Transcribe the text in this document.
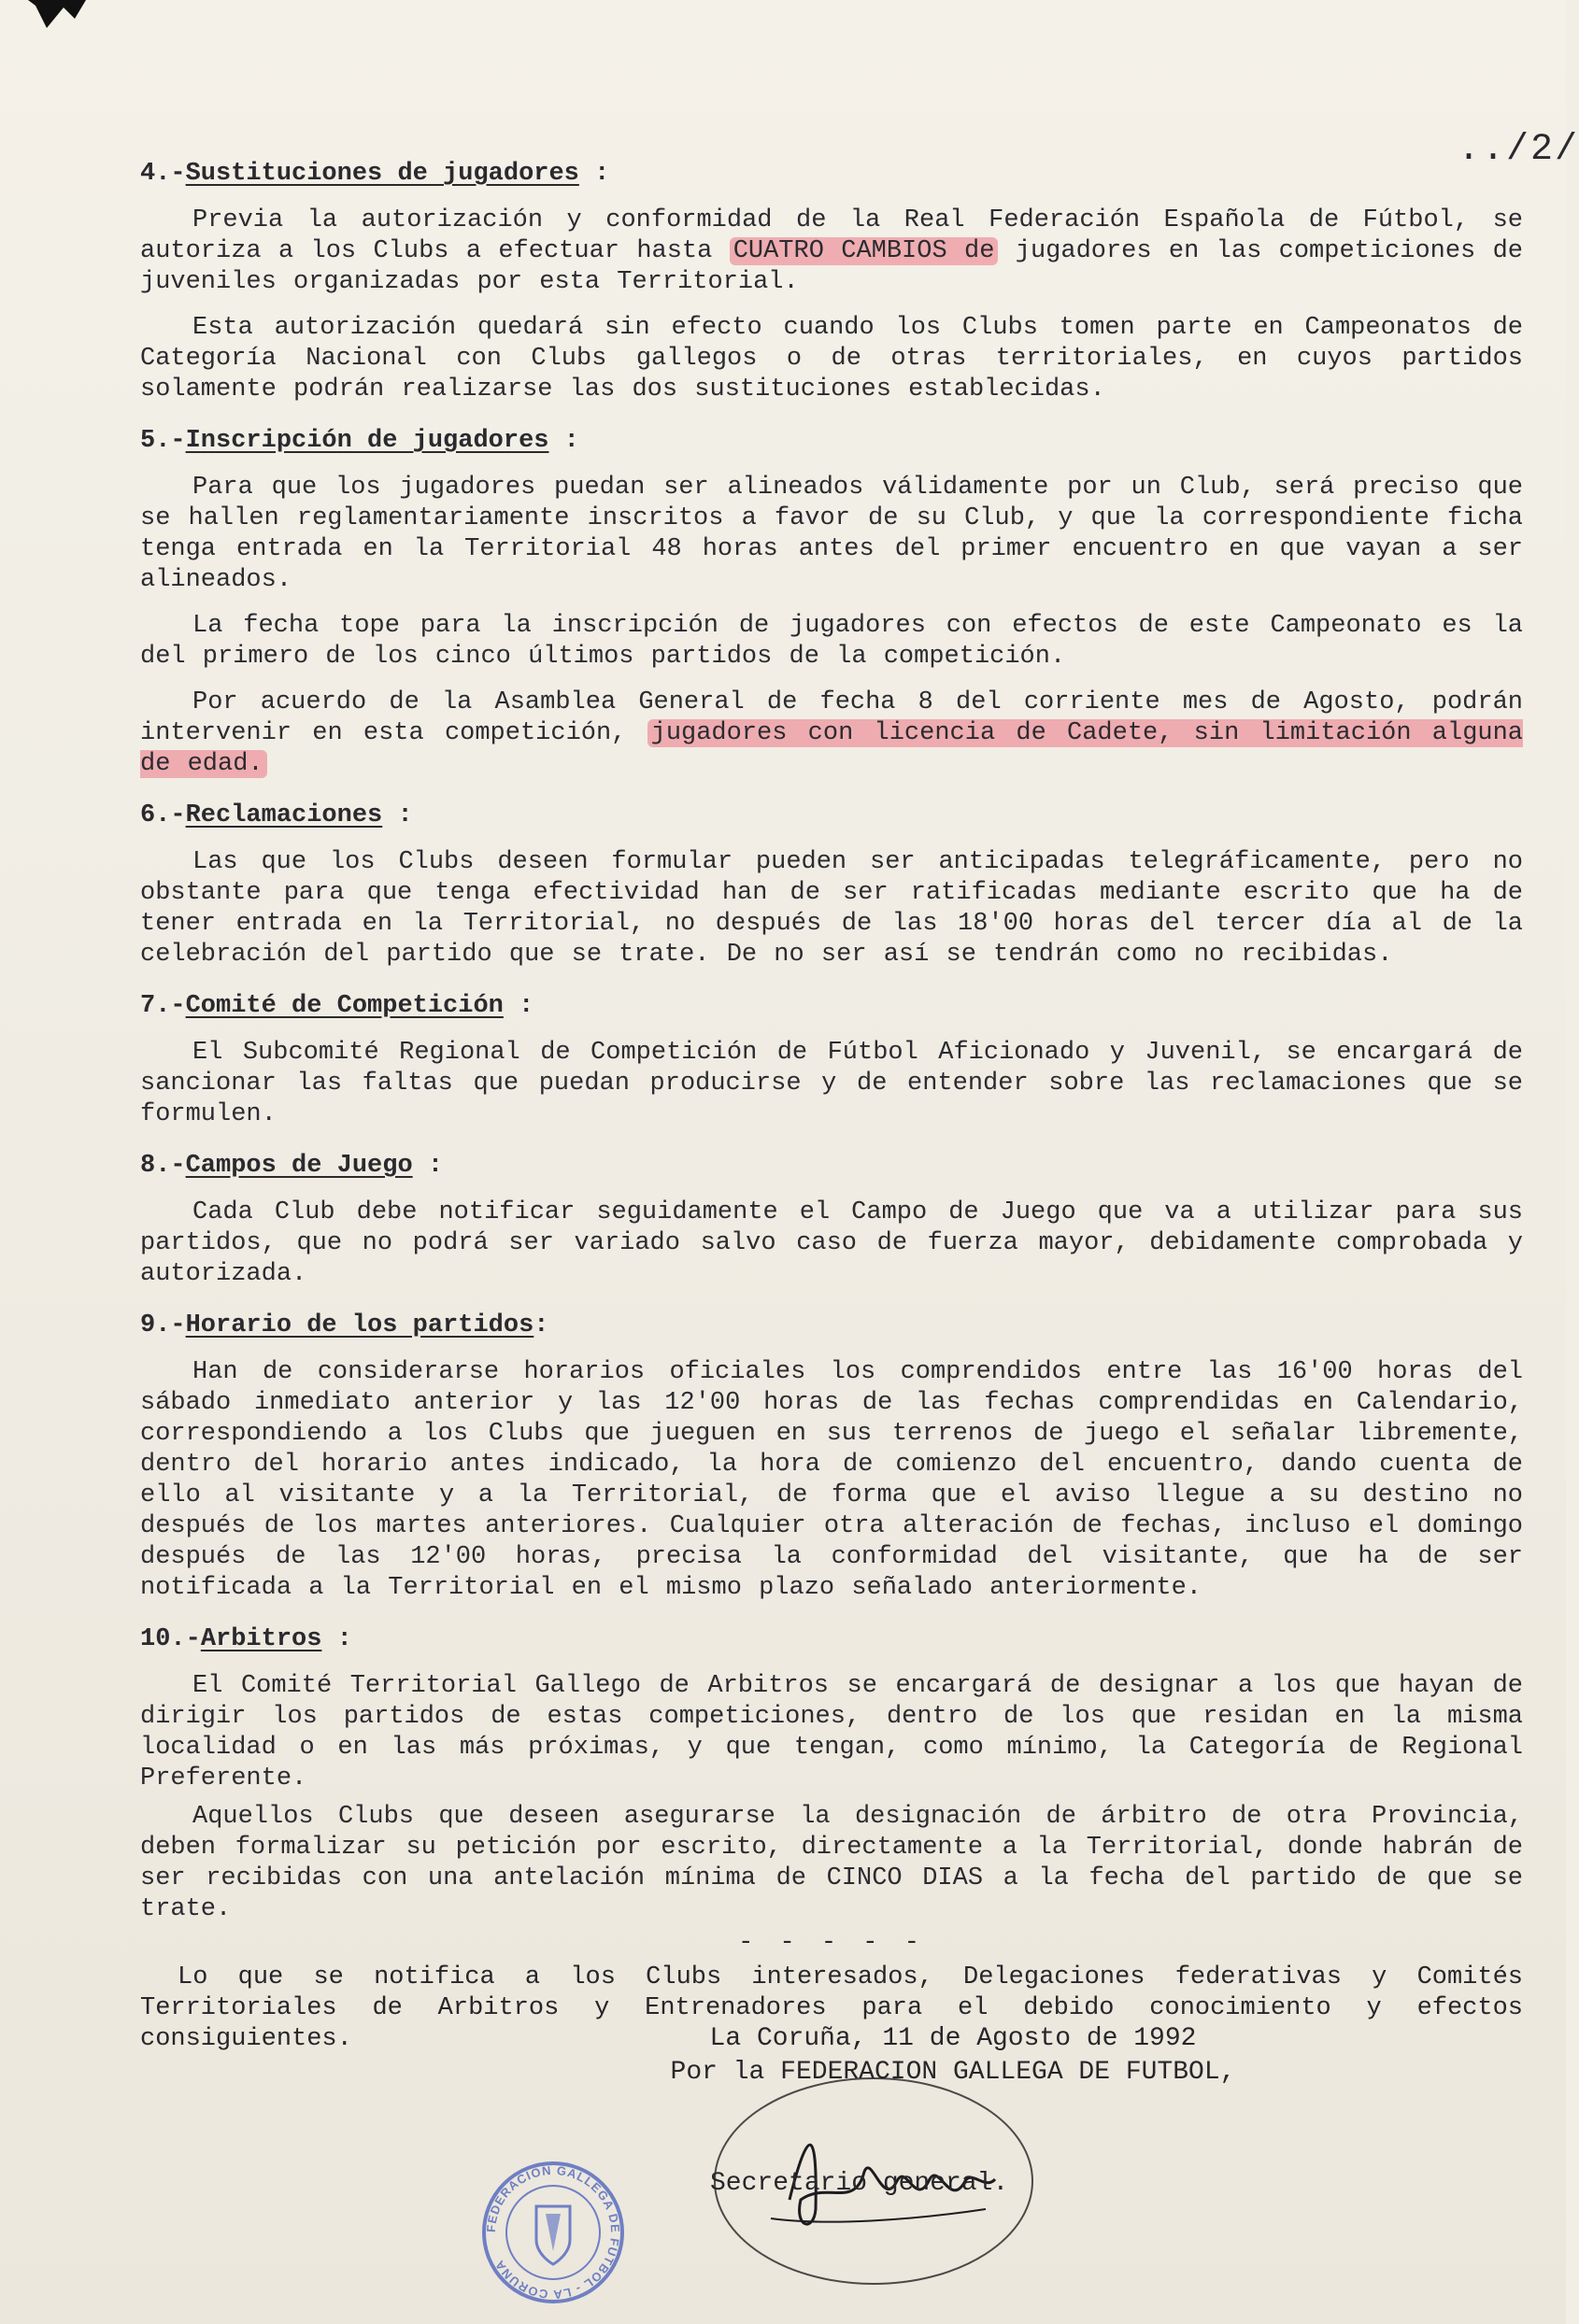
../2/
4.-Sustituciones de jugadores :

Previa la autorización y conformidad de la Real Federación Española de Fútbol, se autoriza a los Clubs a efectuar hasta CUATRO CAMBIOS de jugadores en las competiciones de juveniles organizadas por esta Territorial.

Esta autorización quedará sin efecto cuando los Clubs tomen parte en Campeonatos de Categoría Nacional con Clubs gallegos o de otras territoriales, en cuyos partidos solamente podrán realizarse las dos sustituciones establecidas.

5.-Inscripción de jugadores :

Para que los jugadores puedan ser alineados válidamente por un Club, será preciso que se hallen reglamentariamente inscritos a favor de su Club, y que la correspondiente ficha tenga entrada en la Territorial 48 horas antes del primer encuentro en que vayan a ser alineados.

La fecha tope para la inscripción de jugadores con efectos de este Campeonato es la del primero de los cinco últimos partidos de la competición.

Por acuerdo de la Asamblea General de fecha 8 del corriente mes de Agosto, podrán intervenir en esta competición, jugadores con licencia de Cadete, sin limitación alguna de edad.

6.-Reclamaciones :

Las que los Clubs deseen formular pueden ser anticipadas telegráficamente, pero no obstante para que tenga efectividad han de ser ratificadas mediante escrito que ha de tener entrada en la Territorial, no después de las 18'00 horas del tercer día al de la celebración del partido que se trate. De no ser así se tendrán como no recibidas.

7.-Comité de Competición :

El Subcomité Regional de Competición de Fútbol Aficionado y Juvenil, se encargará de sancionar las faltas que puedan producirse y de entender sobre las reclamaciones que se formulen.

8.-Campos de Juego :

Cada Club debe notificar seguidamente el Campo de Juego que va a utilizar para sus partidos, que no podrá ser variado salvo caso de fuerza mayor, debidamente comprobada y autorizada.

9.-Horario de los partidos:

Han de considerarse horarios oficiales los comprendidos entre las 16'00 horas del sábado inmediato anterior y las 12'00 horas de las fechas comprendidas en Calendario, correspondiendo a los Clubs que jueguen en sus terrenos de juego el señalar libremente, dentro del horario antes indicado, la hora de comienzo del encuentro, dando cuenta de ello al visitante y a la Territorial, de forma que el aviso llegue a su destino no después de los martes anteriores. Cualquier otra alteración de fechas, incluso el domingo después de las 12'00 horas, precisa la conformidad del visitante, que ha de ser notificada a la Territorial en el mismo plazo señalado anteriormente.

10.-Arbitros :

El Comité Territorial Gallego de Arbitros se encargará de designar a los que hayan de dirigir los partidos de estas competiciones, dentro de los que residan en la misma localidad o en las más próximas, y que tengan, como mínimo, la Categoría de Regional Preferente.

Aquellos Clubs que deseen asegurarse la designación de árbitro de otra Provincia, deben formalizar su petición por escrito, directamente a la Territorial, donde habrán de ser recibidas con una antelación mínima de CINCO DIAS a la fecha del partido de que se trate.

- - - - -

Lo que se notifica a los Clubs interesados, Delegaciones federativas y Comités Territoriales de Arbitros y Entrenadores para el debido conocimiento y efectos consiguientes.	La Coruña, 11 de Agosto de 1992
Por la FEDERACION GALLEGA DE FUTBOL,
Secretario general.
FEDERACION GALLEGA DE FUTBOL - LA CORUÑA
